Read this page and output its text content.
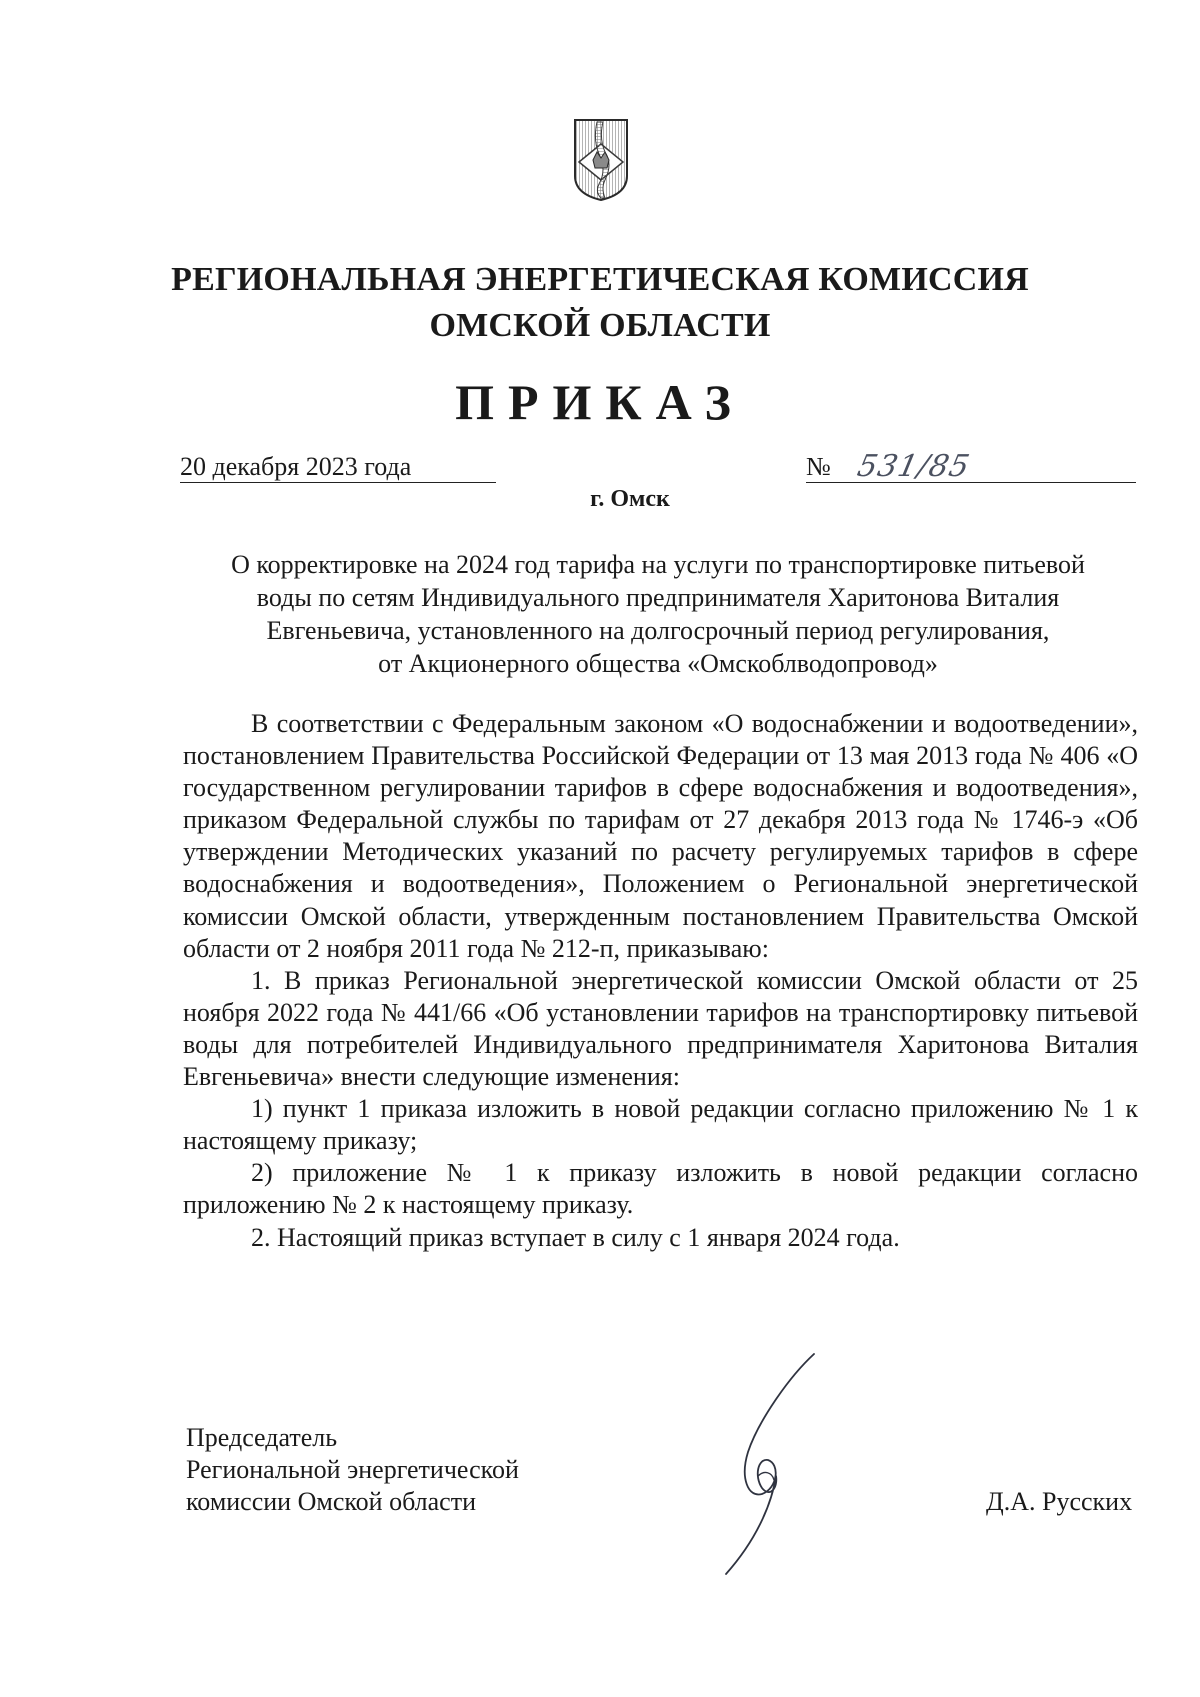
РЕГИОНАЛЬНАЯ ЭНЕРГЕТИЧЕСКАЯ КОМИССИЯ
ОМСКОЙ ОБЛАСТИ
ПРИКАЗ
20 декабря 2023 года	№ 531/85
г. Омск
О корректировке на 2024 год тарифа на услуги по транспортировке питьевой
воды по сетям Индивидуального предпринимателя Харитонова Виталия
Евгеньевича, установленного на долгосрочный период регулирования,
от Акционерного общества «Омскоблводопровод»

В соответствии с Федеральным законом «О водоснабжении и водоотведении», постановлением Правительства Российской Федерации от 13 мая 2013 года № 406 «О государственном регулировании тарифов в сфере водоснабжения и водоотведения», приказом Федеральной службы по тарифам от 27 декабря 2013 года № 1746-э «Об утверждении Методических указаний по расчету регулируемых тарифов в сфере водоснабжения и водоотведения», Положением о Региональной энергетической комиссии Омской области, утвержденным постановлением Правительства Омской области от 2 ноября 2011 года № 212-п, приказываю:

1. В приказ Региональной энергетической комиссии Омской области от 25 ноября 2022 года № 441/66 «Об установлении тарифов на транспортировку питьевой воды для потребителей Индивидуального предпринимателя Харитонова Виталия Евгеньевича» внести следующие изменения:

1) пункт 1 приказа изложить в новой редакции согласно приложению № 1 к настоящему приказу;

2) приложение № 1 к приказу изложить в новой редакции согласно приложению № 2 к настоящему приказу.

2. Настоящий приказ вступает в силу с 1 января 2024 года.

Председатель
Региональной энергетической
комиссии Омской области	Д.А. Русских
